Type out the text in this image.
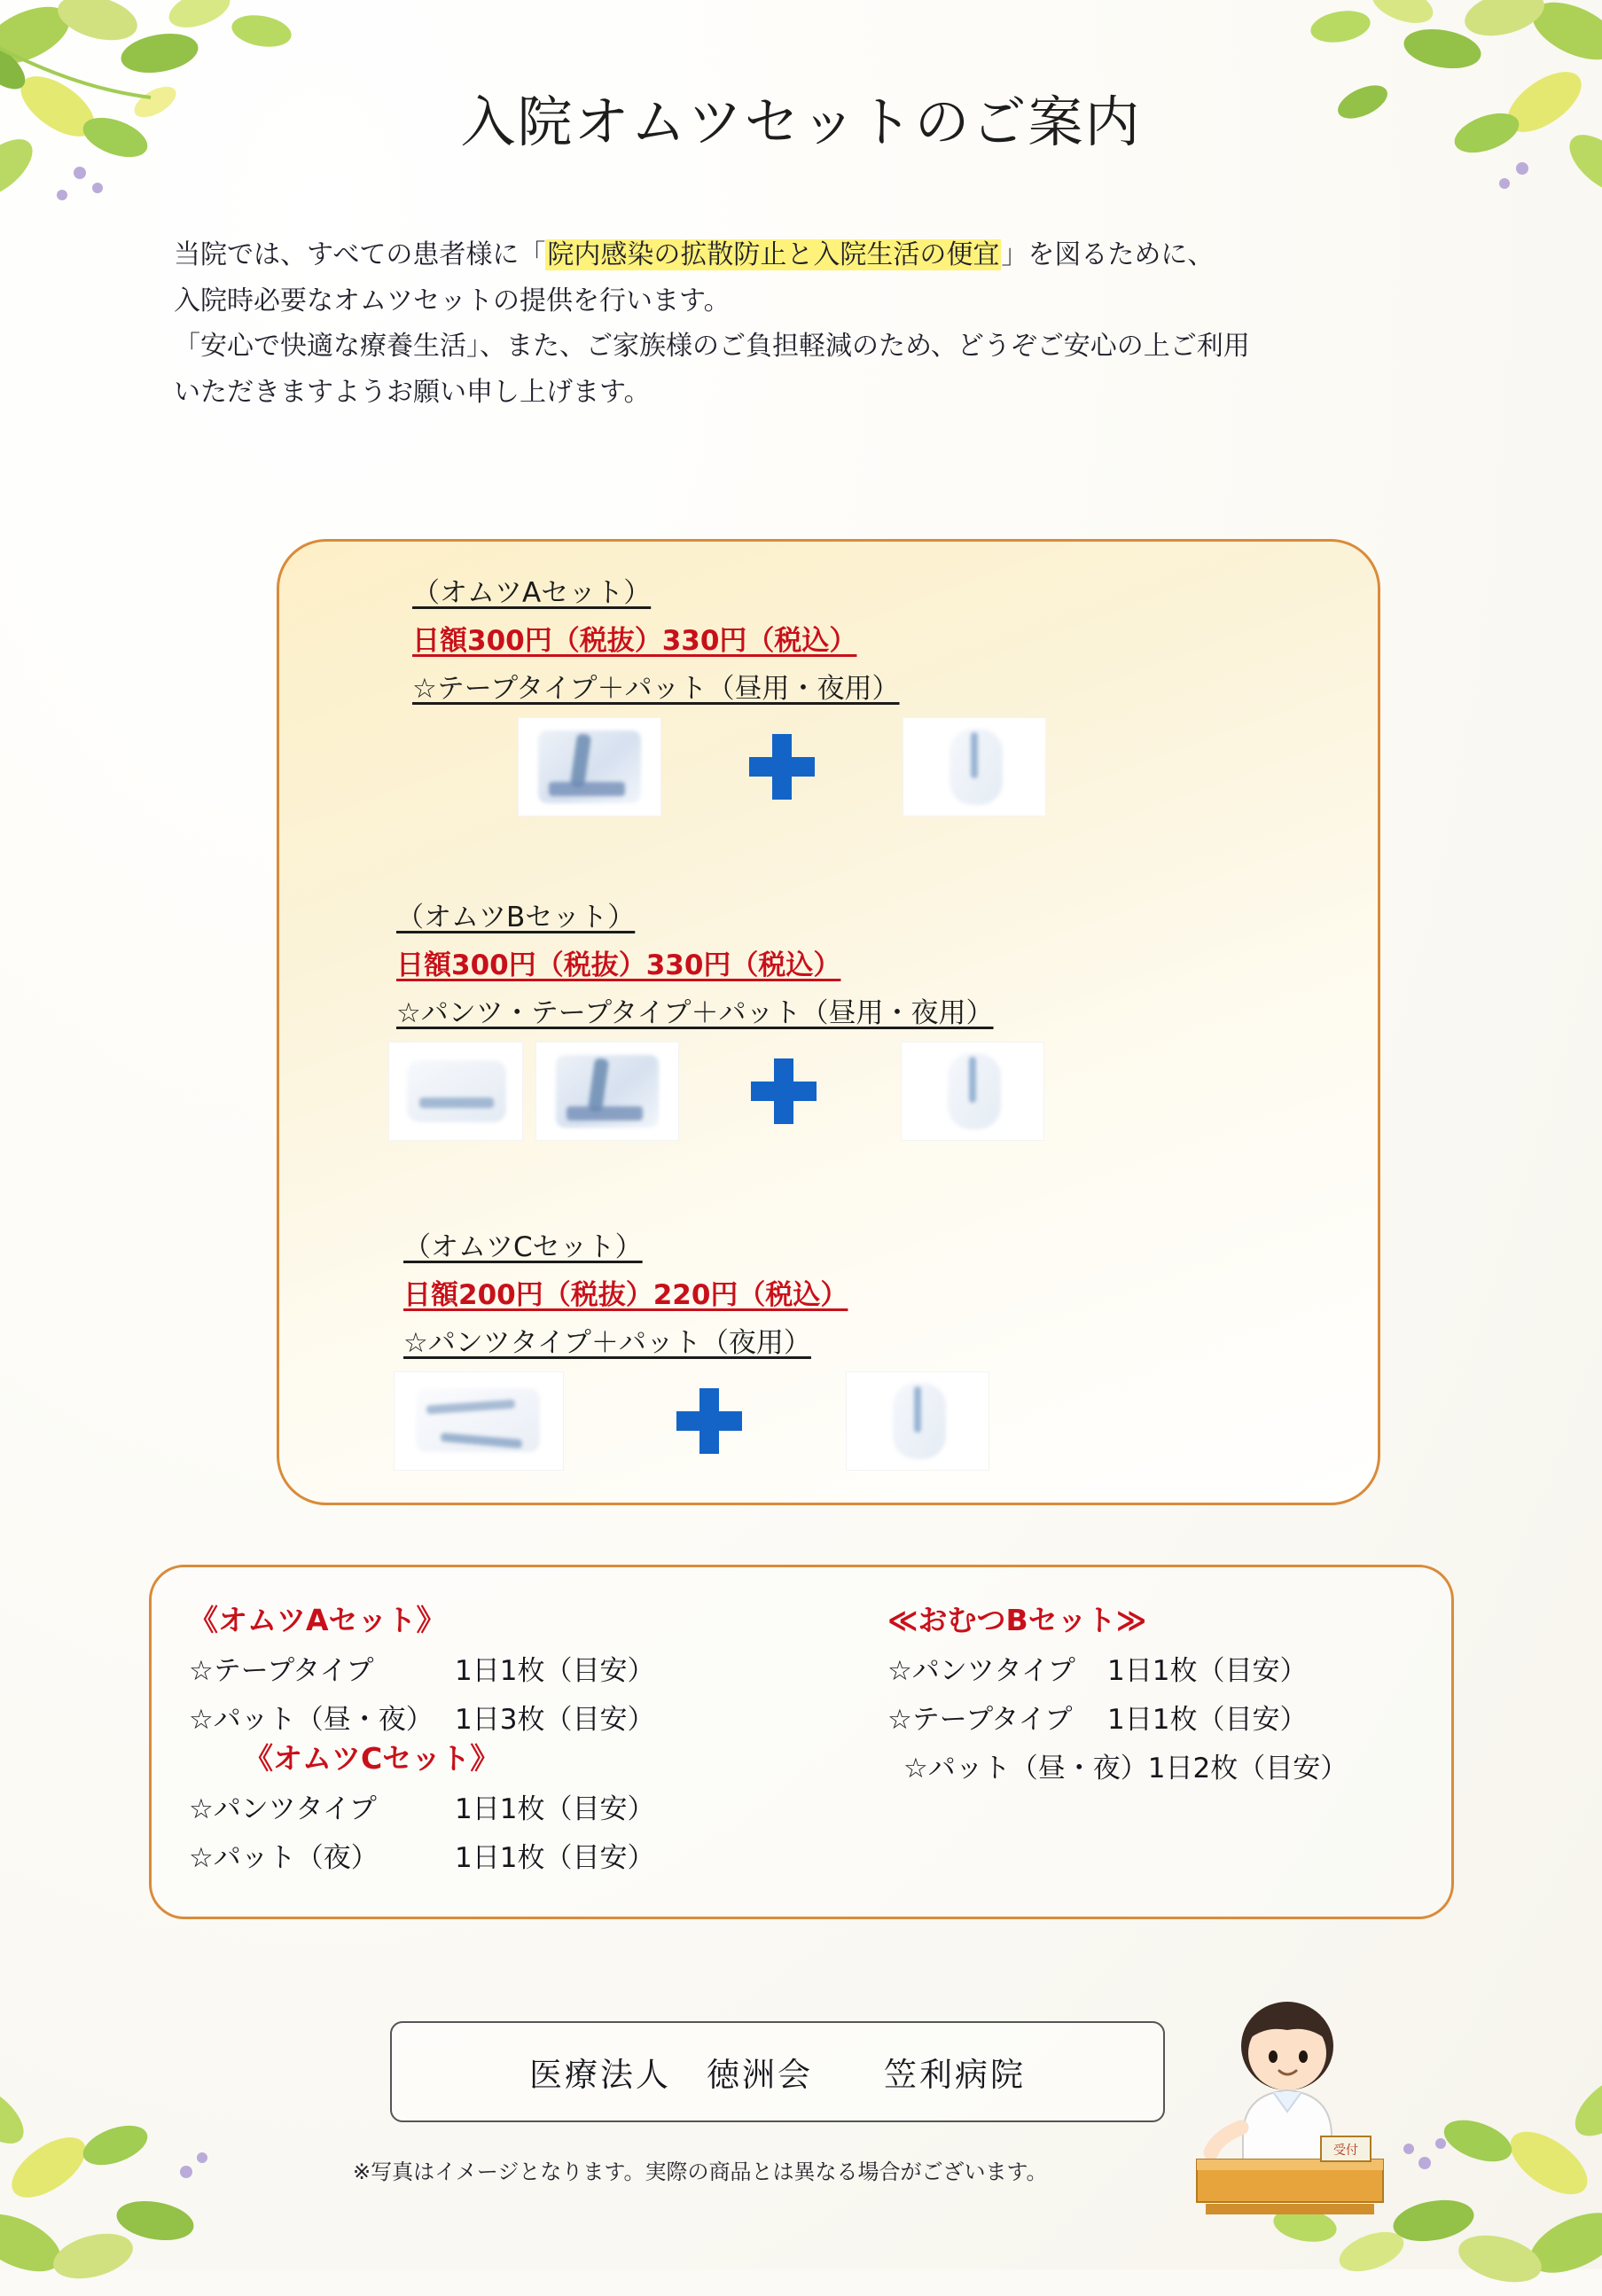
入院オムツセットのご案内
当院では、すべての患者様に「院内感染の拡散防止と入院生活の便宜」を図るために、
入院時必要なオムツセットの提供を行います。
「安心で快適な療養生活」、また、ご家族様のご負担軽減のため、どうぞご安心の上ご利用
いただきますようお願い申し上げます。
（オムツAセット）
日額300円（税抜）330円（税込）
☆テープタイプ＋パット（昼用・夜用）
（オムツBセット）
日額300円（税抜）330円（税込）
☆パンツ・テープタイプ＋パット（昼用・夜用）
（オムツCセット）
日額200円（税抜）220円（税込）
☆パンツタイプ＋パット（夜用）
《オムツAセット》
☆テープタイプ	1日1枚（目安）
☆パット（昼・夜） 1日3枚（目安）
≪おむつBセット≫
☆パンツタイプ 1日1枚（目安）
☆テープタイプ 1日1枚（目安）
☆パット（昼・夜）1日2枚（目安）
《オムツCセット》
☆パンツタイプ	1日1枚（目安）
☆パット（夜）	1日1枚（目安）
医療法人　徳洲会　　笠利病院
※写真はイメージとなります。実際の商品とは異なる場合がございます。
受付
